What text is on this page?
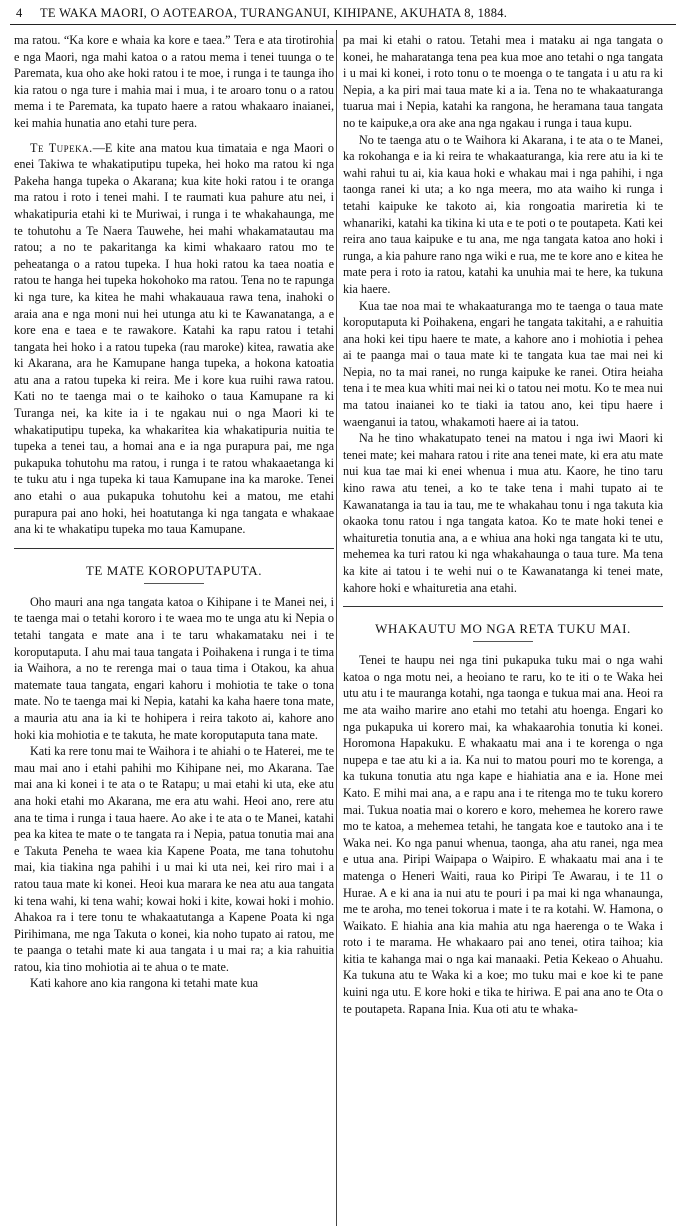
4 TE WAKA MAORI, O AOTEAROA, TURANGANUI, KIHIPANE, AKUHATA 8, 1884.

ma ratou. “Ka kore e whaia ka kore e taea.” Tera e ata tirotirohia e nga Maori, nga mahi katoa o a ratou mema i tenei tuunga o te Paremata, kua oho ake hoki ratou i te moe, i runga i te taunga iho kia ratou o nga ture i mahia mai i mua, i te aroaro tonu o a ratou mema i te Paremata, ka tupato haere a ratou whakaaro inaianei, kei mahia hunatia ano etahi ture pera.

Te Tupeka.—E kite ana matou kua timataia e nga Maori o enei Takiwa te whakatiputipu tupeka, hei hoko ma ratou ki nga Pakeha hanga tupeka o Akarana; kua kite hoki ratou i te oranga ma ratou i roto i tenei mahi. I te raumati kua pahure atu nei, i whakatipuria etahi ki te Muriwai, i runga i te whakahaunga, me te tohutohu a Te Naera Tauwehe, hei mahi whakamatautau ma ratou; a no te pakaritanga ka kimi whakaaro ratou mo te peheatanga o a ratou tupeka. I hua hoki ratou ka taea noatia e ratou te hanga hei tupeka hokohoko ma ratou. Tena no te rapunga ki nga ture, ka kitea he mahi whakauaua rawa tena, inahoki o araia ana e nga moni nui hei utunga atu ki te Kawanatanga, a e kore ena e taea e te rawakore. Katahi ka rapu ratou i tetahi tangata hei hoko i a ratou tupeka (rau maroke) kitea, rawatia ake ki Akarana, ara he Kamupane hanga tupeka, a hokona katoatia atu ana a ratou tupeka ki reira. Me i kore kua ruihi rawa ratou. Kati no te taenga mai o te kaihoko o taua Kamupane ra ki Turanga nei, ka kite ia i te ngakau nui o nga Maori ki te whakatiputipu tupeka, ka whakaritea kia whakatipuria nuitia te tupeka a tenei tau, a homai ana e ia nga purapura pai, me nga pukapuka tohutohu ma ratou, i runga i te ratou whakaaetanga ki te tuku atu i nga tupeka ki taua Kamupane ina ka maroke. Tenei ano etahi o aua pukapuka tohutohu kei a matou, me etahi purapura pai ano hoki, hei hoatutanga ki nga tangata e whakaae ana ki te whakatipu tupeka mo taua Kamupane.

TE MATE KOROPUTAPUTA.

Oho mauri ana nga tangata katoa o Kihipane i te Manei nei, i te taenga mai o tetahi kororo i te waea mo te unga atu ki Nepia o tetahi tangata e mate ana i te taru whakamataku nei i te koroputaputa. I ahu mai taua tangata i Poihakena i runga i te tima ia Waihora, a no te rerenga mai o taua tima i Otakou, ka ahua matemate taua tangata, engari kahoru i mohiotia te take o tona mate. No te taenga mai ki Nepia, katahi ka kaha haere tona mate, a mauria atu ana ia ki te hohipera i reira takoto ai, kahore ano hoki kia mohiotia e te takuta, he mate koroputaputa tana mate.

Kati ka rere tonu mai te Waihora i te ahiahi o te Haterei, me te mau mai ano i etahi pahihi mo Kihipane nei, mo Akarana. Tae mai ana ki konei i te ata o te Ratapu; u mai etahi ki uta, eke atu ana hoki etahi mo Akarana, me era atu wahi. Heoi ano, rere atu ana te tima i runga i taua haere. Ao ake i te ata o te Manei, katahi pea ka kitea te mate o te tangata ra i Nepia, patua tonutia mai ana e Takuta Peneha te waea kia Kapene Poata, me tana tohutohu mai, kia tiakina nga pahihi i u mai ki uta nei, kei riro mai i a ratou taua mate ki konei. Heoi kua marara ke nea atu aua tangata ki tena wahi, ki tena wahi; kowai hoki i kite, kowai hoki i mohio. Ahakoa ra i tere tonu te whakaatutanga a Kapene Poata ki nga Pirihimana, me nga Takuta o konei, kia noho tupato ai ratou, me te paanga o tetahi mate ki aua tangata i u mai ra; a kia rahuitia ratou, kia tino mohiotia ai te ahua o te mate.

Kati kahore ano kia rangona ki tetahi mate kua

pa mai ki etahi o ratou. Tetahi mea i mataku ai nga tangata o konei, he maharatanga tena pea kua moe ano tetahi o nga tangata i u mai ki konei, i roto tonu o te moenga o te tangata i u atu ra ki Nepia, a ka piri mai taua mate ki a ia. Tena no te whakaaturanga tuarua mai i Nepia, katahi ka rangona, he heramana taua tangata no te kaipuke,a ora ake ana nga ngakau i runga i taua kupu.

No te taenga atu o te Waihora ki Akarana, i te ata o te Manei, ka rokohanga e ia ki reira te whakaaturanga, kia rere atu ia ki te wahi rahui tu ai, kia kaua hoki e whakau mai i nga pahihi, i nga taonga ranei ki uta; a ko nga meera, mo ata waiho ki runga i tetahi kaipuke ke takoto ai, kia rongoatia mariretia ki te whanariki, katahi ka tikina ki uta e te poti o te poutapeta. Kati kei reira ano taua kaipuke e tu ana, me nga tangata katoa ano hoki i runga, a kia pahure rano nga wiki e rua, me te kore ano e kitea he mate pera i roto ia ratou, katahi ka unuhia mai te here, ka tukuna kia haere.

Kua tae noa mai te whakaaturanga mo te taenga o taua mate koroputaputa ki Poihakena, engari he tangata takitahi, a e rahuitia ana hoki kei tipu haere te mate, a kahore ano i mohiotia i pehea ai te paanga mai o taua mate ki te tangata kua tae mai nei ki Nepia, no ta mai ranei, no runga kaipuke ke ranei. Otira heiaha tena i te mea kua whiti mai nei ki o tatou nei motu. Ko te mea nui ma tatou inaianei ko te tiaki ia tatou ano, kei tipu haere i waenganui ia tatou, whakamoti haere ai ia tatou.

Na he tino whakatupato tenei na matou i nga iwi Maori ki tenei mate; kei mahara ratou i rite ana tenei mate, ki era atu mate nui kua tae mai ki enei whenua i mua atu. Kaore, he tino taru kino rawa atu tenei, a ko te take tena i mahi tupato ai te Kawanatanga ia tau ia tau, me te whakahau tonu i nga takuta kia okaoka tonu ratou i nga tangata katoa. Ko te mate hoki tenei e whaituretia tonutia ana, a e whiua ana hoki nga tangata ki te utu, mehemea ka turi ratou ki nga whakahaunga o taua ture. Ma tena ka kite ai tatou i te wehi nui o te Kawanatanga ki tenei mate, kahore hoki e whaituretia ana etahi.

WHAKAUTU MO NGA RETA TUKU MAI.

Tenei te haupu nei nga tini pukapuka tuku mai o nga wahi katoa o nga motu nei, a heoiano te raru, ko te iti o te Waka hei utu atu i te mauranga kotahi, nga taonga e tukua mai ana. Heoi ra me ata waiho marire ano etahi mo tetahi atu hoenga. Engari ko nga pukapuka ui korero mai, ka whakaarohia tonutia ki konei. Horomona Hapakuku. E whakaatu mai ana i te korenga o nga nupepa e tae atu ki a ia. Ka nui to matou pouri mo te korenga, a ka tukuna tonutia atu nga kape e hiahiatia ana e ia. Hone mei Kato. E mihi mai ana, a e rapu ana i te ritenga mo te tuku korero mai. Tukua noatia mai o korero e koro, mehemea he korero rawe mo te katoa, a mehemea tetahi, he tangata koe e tautoko ana i te Waka nei. Ko nga panui whenua, taonga, aha atu ranei, nga mea e utua ana. Piripi Waipapa o Waipiro. E whakaatu mai ana i te matenga o Heneri Waiti, raua ko Piripi Te Awarau, i te 11 o Hurae. A e ki ana ia nui atu te pouri i pa mai ki nga whanaunga, me te aroha, mo tenei tokorua i mate i te ra kotahi. W. Hamona, o Waikato. E hiahia ana kia mahia atu nga haerenga o te Waka i roto i te marama. He whakaaro pai ano tenei, otira taihoa; kia kitia te kahanga mai o nga kai manaaki. Petia Kekeao o Ahuahu. Ka tukuna atu te Waka ki a koe; mo tuku mai e koe ki te pane kuini nga utu. E kore hoki e tika te hiriwa. E pai ana ano te Ota o te poutapeta. Rapana Inia. Kua oti atu te whaka-
